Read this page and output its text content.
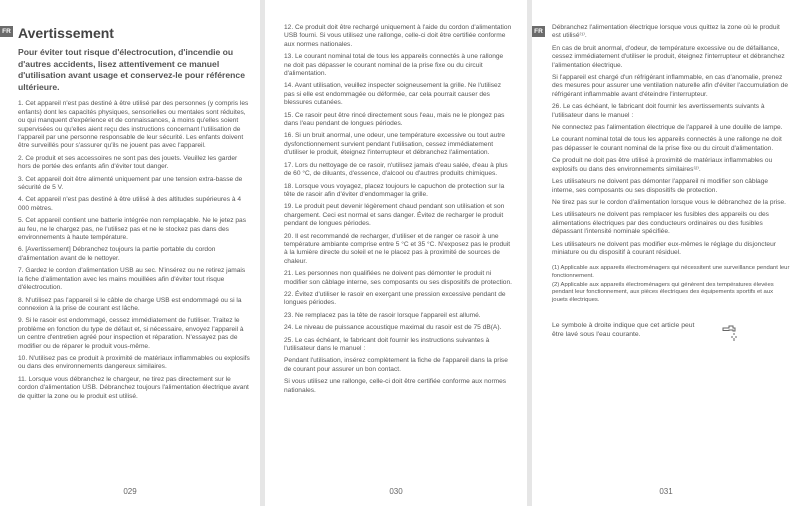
FR Avertissement

Pour éviter tout risque d'électrocution, d'incendie ou d'autres accidents, lisez attentivement ce manuel d'utilisation avant usage et conservez-le pour référence ultérieure.

1. Cet appareil n'est pas destiné à être utilisé par des personnes (y compris les enfants) dont les capacités physiques, sensorielles ou mentales sont réduites, ou qui manquent d'expérience et de connaissances, à moins qu'elles soient supervisées ou qu'elles aient reçu des instructions concernant l'utilisation de l'appareil par une personne responsable de leur sécurité. Les enfants doivent être surveillés pour s'assurer qu'ils ne jouent pas avec l'appareil.

2. Ce produit et ses accessoires ne sont pas des jouets. Veuillez les garder hors de portée des enfants afin d'éviter tout danger.

3. Cet appareil doit être alimenté uniquement par une tension extra-basse de sécurité de 5 V.

4. Cet appareil n'est pas destiné à être utilisé à des altitudes supérieures à 4 000 mètres.

5. Cet appareil contient une batterie intégrée non remplaçable. Ne le jetez pas au feu, ne le chargez pas, ne l'utilisez pas et ne le stockez pas dans des environnements à haute température.

6. [Avertissement] Débranchez toujours la partie portable du cordon d'alimentation avant de le nettoyer.

7. Gardez le cordon d'alimentation USB au sec. N'insérez ou ne retirez jamais la fiche d'alimentation avec les mains mouillées afin d'éviter tout risque d'électrocution.

8. N'utilisez pas l'appareil si le câble de charge USB est endommagé ou si la connexion à la prise de courant est lâche.

9. Si le rasoir est endommagé, cessez immédiatement de l'utiliser. Traitez le problème en fonction du type de défaut et, si nécessaire, envoyez l'appareil à un centre d'entretien agréé pour inspection et réparation. N'essayez pas de modifier ou de réparer le produit vous-même.

10. N'utilisez pas ce produit à proximité de matériaux inflammables ou explosifs ou dans des environnements dangereux similaires.

11. Lorsque vous débranchez le chargeur, ne tirez pas directement sur le cordon d'alimentation USB. Débranchez toujours l'alimentation électrique avant de quitter la zone ou le produit est utilisé.

029

12. Ce produit doit être rechargé uniquement à l'aide du cordon d'alimentation USB fourni. Si vous utilisez une rallonge, celle-ci doit être certifiée conforme aux normes nationales.

13. Le courant nominal total de tous les appareils connectés à une rallonge ne doit pas dépasser le courant nominal de la prise fixe ou du circuit d'alimentation.

14. Avant utilisation, veuillez inspecter soigneusement la grille. Ne l'utilisez pas si elle est endommagée ou déformée, car cela pourrait causer des blessures cutanées.

15. Ce rasoir peut être rincé directement sous l'eau, mais ne le plongez pas dans l'eau pendant de longues périodes.

16. Si un bruit anormal, une odeur, une température excessive ou tout autre dysfonctionnement survient pendant l'utilisation, cessez immédiatement d'utiliser le produit, éteignez l'interrupteur et débranchez l'alimentation.

17. Lors du nettoyage de ce rasoir, n'utilisez jamais d'eau salée, d'eau à plus de 60 °C, de diluants, d'essence, d'alcool ou d'autres produits chimiques.

18. Lorsque vous voyagez, placez toujours le capuchon de protection sur la tête de rasoir afin d'éviter d'endommager la grille.

19. Le produit peut devenir légèrement chaud pendant son utilisation et son chargement. Ceci est normal et sans danger. Évitez de recharger le produit pendant de longues périodes.

20. Il est recommandé de recharger, d'utiliser et de ranger ce rasoir à une température ambiante comprise entre 5 °C et 35 °C. N'exposez pas le produit à la lumière directe du soleil et ne le placez pas à proximité de sources de chaleur.

21. Les personnes non qualifiées ne doivent pas démonter le produit ni modifier son câblage interne, ses composants ou ses dispositifs de protection.

22. Évitez d'utiliser le rasoir en exerçant une pression excessive pendant de longues périodes.

23. Ne remplacez pas la tête de rasoir lorsque l'appareil est allumé.

24. Le niveau de puissance acoustique maximal du rasoir est de 75 dB(A).

25. Le cas échéant, le fabricant doit fournir les instructions suivantes à l'utilisateur dans le manuel :

Pendant l'utilisation, insérez complètement la fiche de l'appareil dans la prise de courant pour assurer un bon contact.

Si vous utilisez une rallonge, celle-ci doit être certifiée conforme aux normes nationales.

030
FR

Débranchez l'alimentation électrique lorsque vous quittez la zone où le produit est utilisé⁽¹⁾.

En cas de bruit anormal, d'odeur, de température excessive ou de défaillance, cessez immédiatement d'utiliser le produit, éteignez l'interrupteur et débranchez l'alimentation électrique.

Si l'appareil est chargé d'un réfrigérant inflammable, en cas d'anomalie, prenez des mesures pour assurer une ventilation naturelle afin d'éviter l'accumulation de réfrigérant inflammable avant d'éteindre l'interrupteur.

26. Le cas échéant, le fabricant doit fournir les avertissements suivants à l'utilisateur dans le manuel :

Ne connectez pas l'alimentation électrique de l'appareil à une douille de lampe.

Le courant nominal total de tous les appareils connectés à une rallonge ne doit pas dépasser le courant nominal de la prise fixe ou du circuit d'alimentation.

Ce produit ne doit pas être utilisé à proximité de matériaux inflammables ou explosifs ou dans des environnements similaires⁽²⁾.

Les utilisateurs ne doivent pas démonter l'appareil ni modifier son câblage interne, ses composants ou ses dispositifs de protection.

Ne tirez pas sur le cordon d'alimentation lorsque vous le débranchez de la prise.

Les utilisateurs ne doivent pas remplacer les fusibles des appareils ou des alimentations électriques par des conducteurs ordinaires ou des fusibles dépassant l'intensité nominale spécifiée.

Les utilisateurs ne doivent pas modifier eux-mêmes le réglage du disjoncteur miniature ou du dispositif à courant résiduel.

(1) Applicable aux appareils électroménagers qui nécessitent une surveillance pendant leur fonctionnement.

(2) Applicable aux appareils électroménagers qui génèrent des températures élevées pendant leur fonctionnement, aux pièces électriques des équipements sportifs et aux jouets électriques.

Le symbole à droite indique que cet article peut être lavé sous l'eau courante.

031
